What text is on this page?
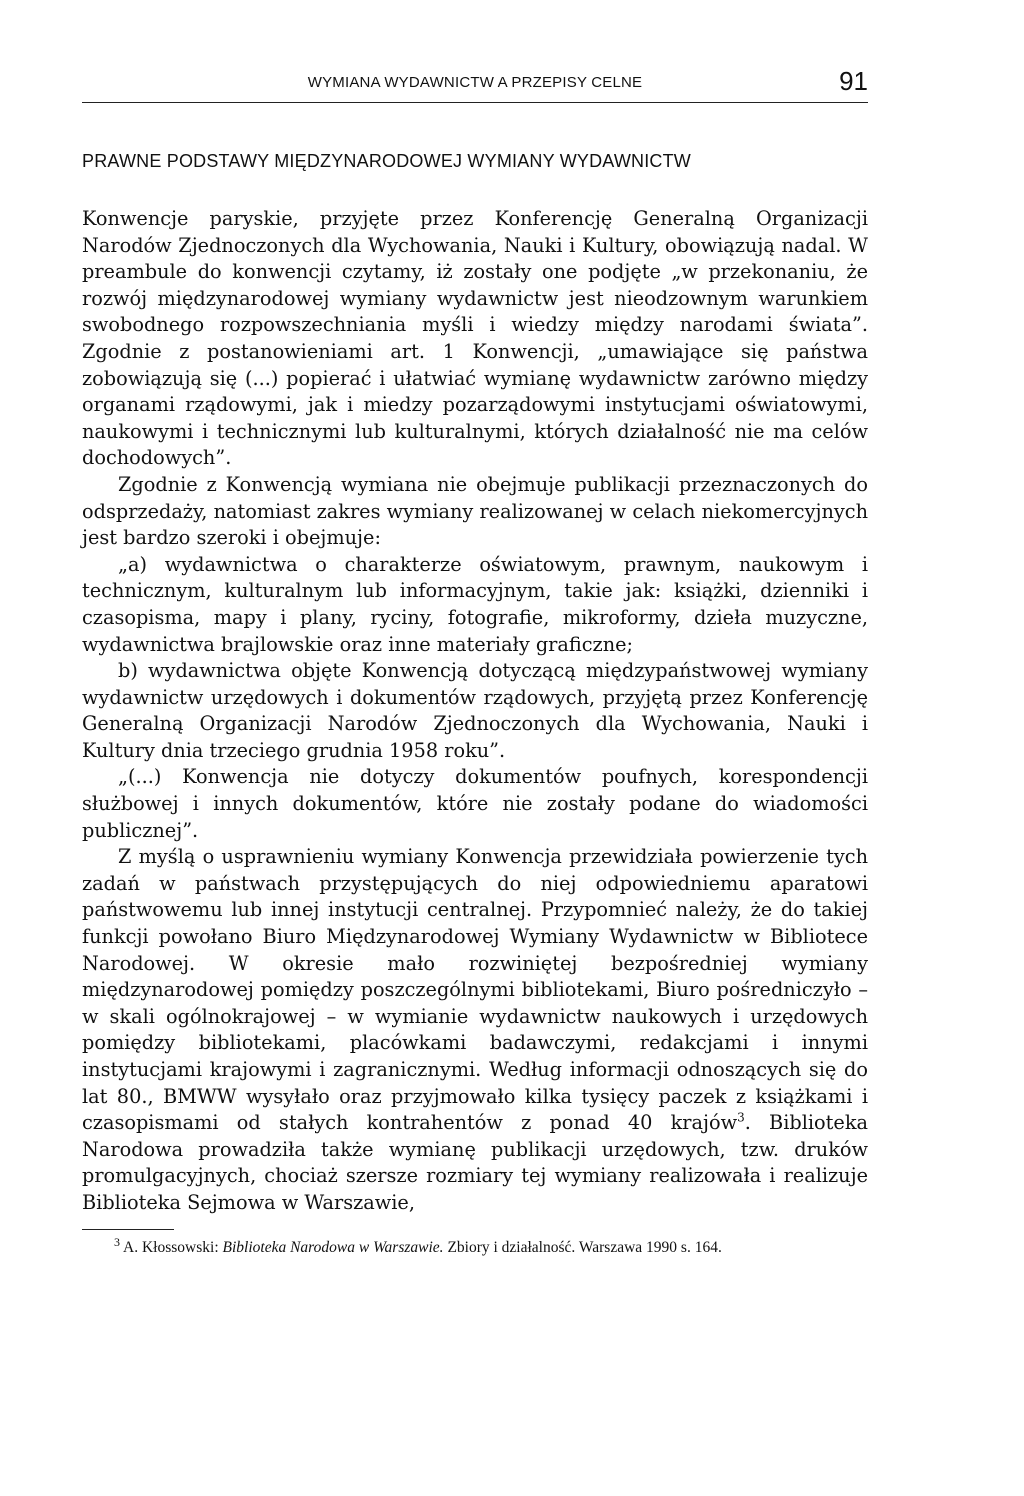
WYMIANA WYDAWNICTW A PRZEPISY CELNE	91
PRAWNE PODSTAWY MIĘDZYNARODOWEJ WYMIANY WYDAWNICTW

Konwencje paryskie, przyjęte przez Konferencję Generalną Organizacji Narodów Zjednoczonych dla Wychowania, Nauki i Kultury, obowiązują nadal. W preambule do konwencji czytamy, iż zostały one podjęte „w przekonaniu, że rozwój międzynarodowej wymiany wydawnictw jest nieodzownym warunkiem swobodnego rozpowszechniania myśli i wiedzy między narodami świata”. Zgodnie z postanowieniami art. 1 Konwencji, „umawiające się państwa zobowiązują się (...) popierać i ułatwiać wymianę wydawnictw zarówno między organami rządowymi, jak i miedzy pozarządowymi instytucjami oświatowymi, naukowymi i technicznymi lub kulturalnymi, których działalność nie ma celów dochodowych”.

Zgodnie z Konwencją wymiana nie obejmuje publikacji przeznaczonych do odsprzedaży, natomiast zakres wymiany realizowanej w celach niekomercyjnych jest bardzo szeroki i obejmuje:

„a) wydawnictwa o charakterze oświatowym, prawnym, naukowym i technicznym, kulturalnym lub informacyjnym, takie jak: książki, dzienniki i czasopisma, mapy i plany, ryciny, fotografie, mikroformy, dzieła muzyczne, wydawnictwa brajlowskie oraz inne materiały graficzne;

b) wydawnictwa objęte Konwencją dotyczącą międzypaństwowej wymiany wydawnictw urzędowych i dokumentów rządowych, przyjętą przez Konferencję Generalną Organizacji Narodów Zjednoczonych dla Wychowania, Nauki i Kultury dnia trzeciego grudnia 1958 roku”.

„(...) Konwencja nie dotyczy dokumentów poufnych, korespondencji służbowej i innych dokumentów, które nie zostały podane do wiadomości publicznej”.

Z myślą o usprawnieniu wymiany Konwencja przewidziała powierzenie tych zadań w państwach przystępujących do niej odpowiedniemu aparatowi państwowemu lub innej instytucji centralnej. Przypomnieć należy, że do takiej funkcji powołano Biuro Międzynarodowej Wymiany Wydawnictw w Bibliotece Narodowej. W okresie mało rozwiniętej bezpośredniej wymiany międzynarodowej pomiędzy poszczególnymi bibliotekami, Biuro pośredniczyło – w skali ogólnokrajowej – w wymianie wydawnictw naukowych i urzędowych pomiędzy bibliotekami, placówkami badawczymi, redakcjami i innymi instytucjami krajowymi i zagranicznymi. Według informacji odnoszących się do lat 80., BMWW wysyłało oraz przyjmowało kilka tysięcy paczek z książkami i czasopismami od stałych kontrahentów z ponad 40 krajów$^3$. Biblioteka Narodowa prowadziła także wymianę publikacji urzędowych, tzw. druków promulgacyjnych, chociaż szersze rozmiary tej wymiany realizowała i realizuje Biblioteka Sejmowa w Warszawie,

$^3$ A. Kłossowski: Biblioteka Narodowa w Warszawie. Zbiory i działalność. Warszawa 1990 s. 164.
